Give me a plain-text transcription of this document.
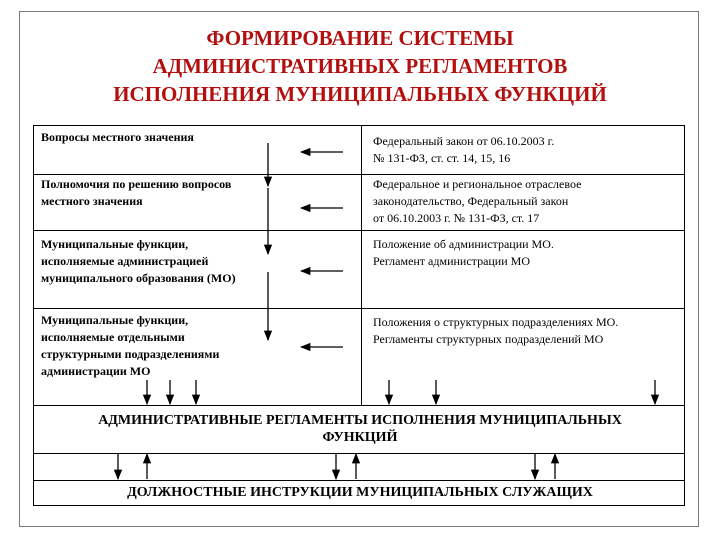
ФОРМИРОВАНИЕ СИСТЕМЫ
АДМИНИСТРАТИВНЫХ РЕГЛАМЕНТОВ
ИСПОЛНЕНИЯ МУНИЦИПАЛЬНЫХ ФУНКЦИЙ
Вопросы местного значения	Федеральный закон от 06.10.2003 г.
№ 131-ФЗ, ст. ст. 14, 15, 16
Полномочия по решению вопросов
местного значения
Федеральное и региональное отраслевое
законодательство, Федеральный закон
от 06.10.2003 г. № 131-ФЗ, ст. 17
Муниципальные функции,
исполняемые администрацией
муниципального образования (МО)
Положение об администрации МО.
Регламент администрации МО
Муниципальные функции,
исполняемые отдельными
структурными подразделениями
администрации МО
Положения о структурных подразделениях МО.
Регламенты структурных подразделений МО
АДМИНИСТРАТИВНЫЕ РЕГЛАМЕНТЫ ИСПОЛНЕНИЯ МУНИЦИПАЛЬНЫХ
ФУНКЦИЙ
ДОЛЖНОСТНЫЕ ИНСТРУКЦИИ МУНИЦИПАЛЬНЫХ СЛУЖАЩИХ
